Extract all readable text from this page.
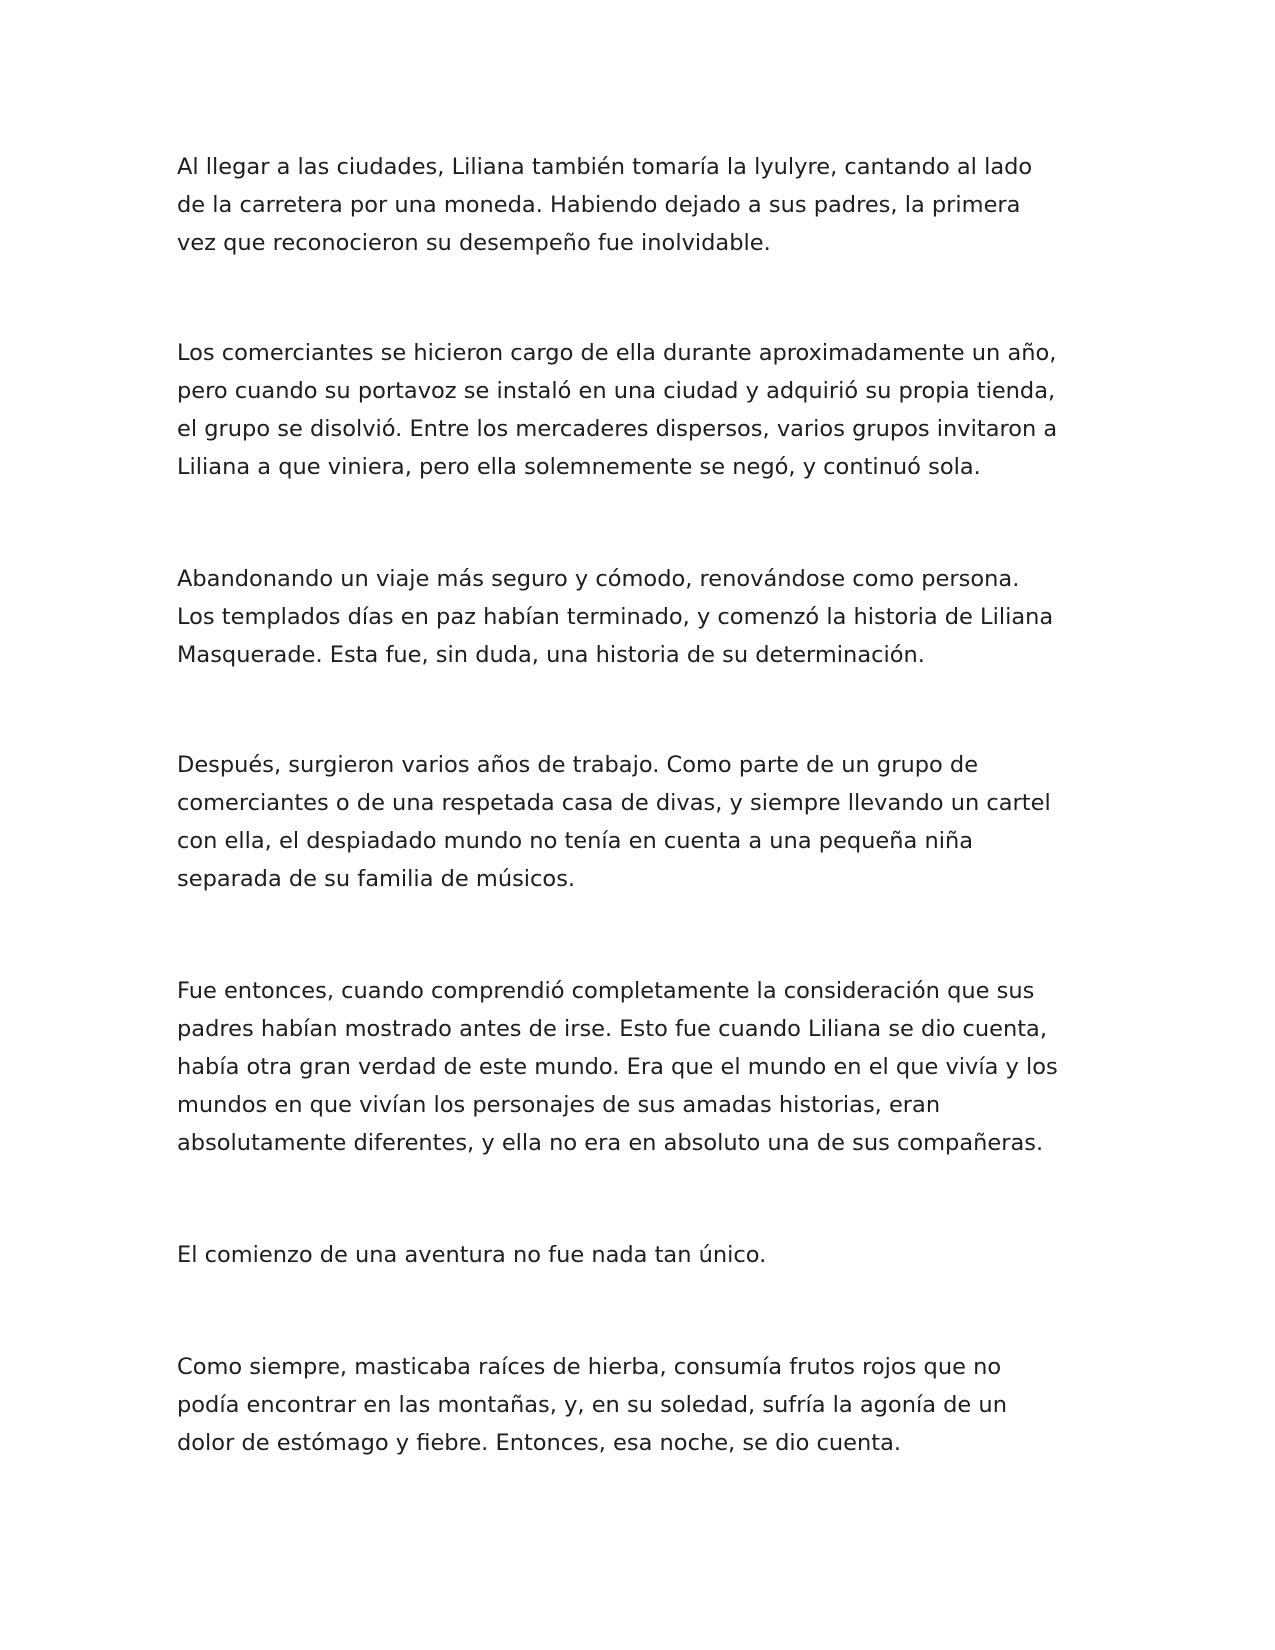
Al llegar a las ciudades, Liliana también tomaría la lyulyre, cantando al lado
de la carretera por una moneda. Habiendo dejado a sus padres, la primera
vez que reconocieron su desempeño fue inolvidable.

Los comerciantes se hicieron cargo de ella durante aproximadamente un año,
pero cuando su portavoz se instaló en una ciudad y adquirió su propia tienda,
el grupo se disolvió. Entre los mercaderes dispersos, varios grupos invitaron a
Liliana a que viniera, pero ella solemnemente se negó, y continuó sola.

Abandonando un viaje más seguro y cómodo, renovándose como persona.
Los templados días en paz habían terminado, y comenzó la historia de Liliana
Masquerade. Esta fue, sin duda, una historia de su determinación.

Después, surgieron varios años de trabajo. Como parte de un grupo de
comerciantes o de una respetada casa de divas, y siempre llevando un cartel
con ella, el despiadado mundo no tenía en cuenta a una pequeña niña
separada de su familia de músicos.

Fue entonces, cuando comprendió completamente la consideración que sus
padres habían mostrado antes de irse. Esto fue cuando Liliana se dio cuenta,
había otra gran verdad de este mundo. Era que el mundo en el que vivía y los
mundos en que vivían los personajes de sus amadas historias, eran
absolutamente diferentes, y ella no era en absoluto una de sus compañeras.

El comienzo de una aventura no fue nada tan único.

Como siempre, masticaba raíces de hierba, consumía frutos rojos que no
podía encontrar en las montañas, y, en su soledad, sufría la agonía de un
dolor de estómago y fiebre. Entonces, esa noche, se dio cuenta.
